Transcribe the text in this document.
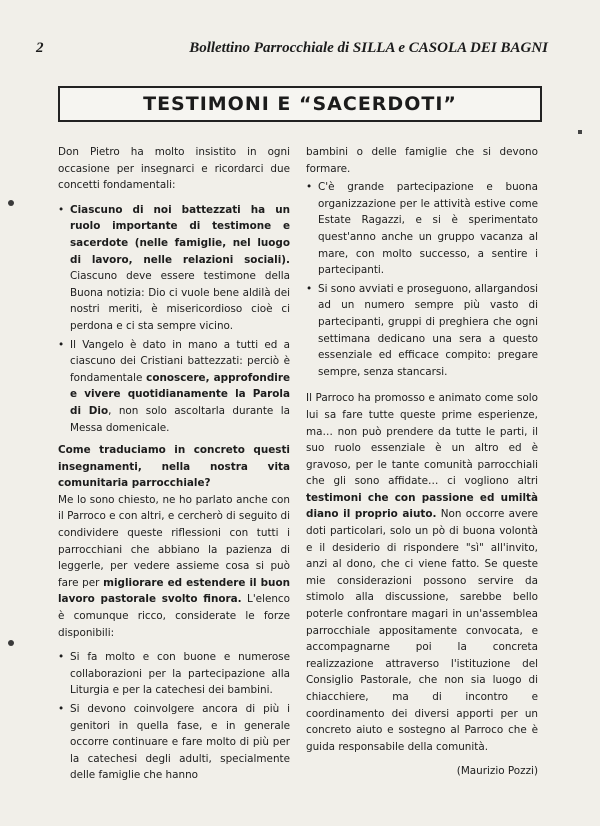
2	Bollettino Parrocchiale di SILLA e CASOLA DEI BAGNI
TESTIMONI E “SACERDOTI”

Don Pietro ha molto insistito in ogni occasione per insegnarci e ricordarci due concetti fondamentali:

• Ciascuno di noi battezzati ha un ruolo importante di testimone e sacerdote (nelle famiglie, nel luogo di lavoro, nelle relazioni sociali). Ciascuno deve essere testimone della Buona notizia: Dio ci vuole bene aldilà dei nostri meriti, è misericordioso cioè ci perdona e ci sta sempre vicino.
• Il Vangelo è dato in mano a tutti ed a ciascuno dei Cristiani battezzati: perciò è fondamentale conoscere, approfondire e vivere quotidianamente la Parola di Dio, non solo ascoltarla durante la Messa domenicale.

Come traduciamo in concreto questi insegnamenti, nella nostra vita comunitaria parrocchiale?

Me lo sono chiesto, ne ho parlato anche con il Parroco e con altri, e cercherò di seguito di condividere queste riflessioni con tutti i parrocchiani che abbiano la pazienza di leggerle, per vedere assieme cosa si può fare per migliorare ed estendere il buon lavoro pastorale svolto finora. L'elenco è comunque ricco, considerate le forze disponibili:

• Si fa molto e con buone e numerose collaborazioni per la partecipazione alla Liturgia e per la catechesi dei bambini.
• Si devono coinvolgere ancora di più i genitori in quella fase, e in generale occorre continuare e fare molto di più per la catechesi degli adulti, specialmente delle famiglie che hanno
bambini o delle famiglie che si devono formare.
• C'è grande partecipazione e buona organizzazione per le attività estive come Estate Ragazzi, e si è sperimentato quest'anno anche un gruppo vacanza al mare, con molto successo, a sentire i partecipanti.
• Si sono avviati e proseguono, allargandosi ad un numero sempre più vasto di partecipanti, gruppi di preghiera che ogni settimana dedicano una sera a questo essenziale ed efficace compito: pregare sempre, senza stancarsi.

Il Parroco ha promosso e animato come solo lui sa fare tutte queste prime esperienze, ma… non può prendere da tutte le parti, il suo ruolo essenziale è un altro ed è gravoso, per le tante comunità parrocchiali che gli sono affidate… ci vogliono altri testimoni che con passione ed umiltà diano il proprio aiuto. Non occorre avere doti particolari, solo un pò di buona volontà e il desiderio di rispondere "sì" all'invito, anzi al dono, che ci viene fatto. Se queste mie considerazioni possono servire da stimolo alla discussione, sarebbe bello poterle confrontare magari in un'assemblea parrocchiale appositamente convocata, e accompagnarne poi la concreta realizzazione attraverso l'istituzione del Consiglio Pastorale, che non sia luogo di chiacchiere, ma di incontro e coordinamento dei diversi apporti per un concreto aiuto e sostegno al Parroco che è guida responsabile della comunità.

(Maurizio Pozzi)
